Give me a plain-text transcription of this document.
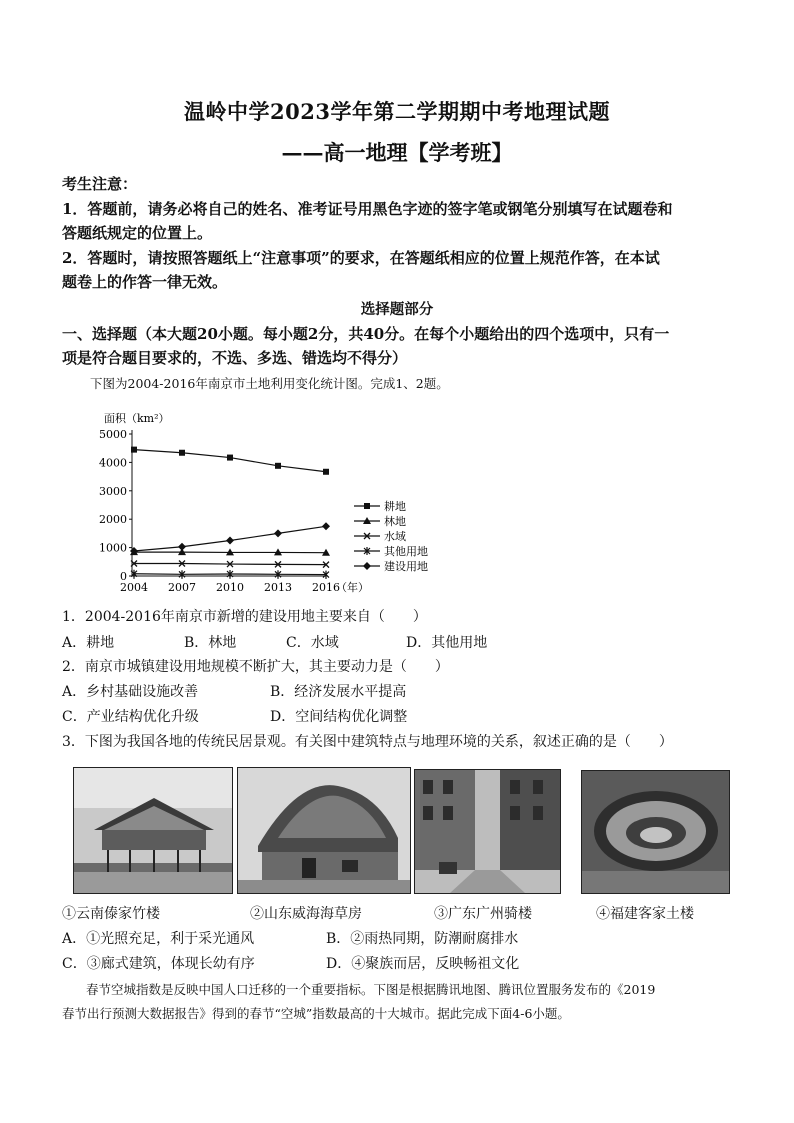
温岭中学2023学年第二学期期中考地理试题
——高一地理【学考班】
考生注意：
1．答题前，请务必将自己的姓名、准考证号用黑色字迹的签字笔或钢笔分别填写在试题卷和
答题纸规定的位置上。
2．答题时，请按照答题纸上“注意事项”的要求，在答题纸相应的位置上规范作答，在本试
题卷上的作答一律无效。
选择题部分
一、选择题（本大题20小题。每小题2分，共40分。在每个小题给出的四个选项中，只有一
项是符合题目要求的，不选、多选、错选均不得分）
下图为2004-2016年南京市土地利用变化统计图。完成1、2题。
0
1000
2000
3000
4000
5000
2004 2007 2010 2013 2016
耕地
林地
水域
其他用地
建设用地
面积（km²）
（年）
1．2004-2016年南京市新增的建设用地主要来自（　　）
A．耕地	B．林地	C．水域	D．其他用地
2．南京市城镇建设用地规模不断扩大，其主要动力是（　　）
A．乡村基础设施改善	B．经济发展水平提高
C．产业结构优化升级	D．空间结构优化调整
3．下图为我国各地的传统民居景观。有关图中建筑特点与地理环境的关系，叙述正确的是（　　）
①云南傣家竹楼	②山东威海海草房	③广东广州骑楼	④福建客家土楼
A．①光照充足，利于采光通风	B．②雨热同期，防潮耐腐排水
C．③廊式建筑，体现长幼有序	D．④聚族而居，反映畅祖文化
春节空城指数是反映中国人口迁移的一个重要指标。下图是根据腾讯地图、腾讯位置服务发布的《2019
春节出行预测大数据报告》得到的春节“空城”指数最高的十大城市。据此完成下面4-6小题。
